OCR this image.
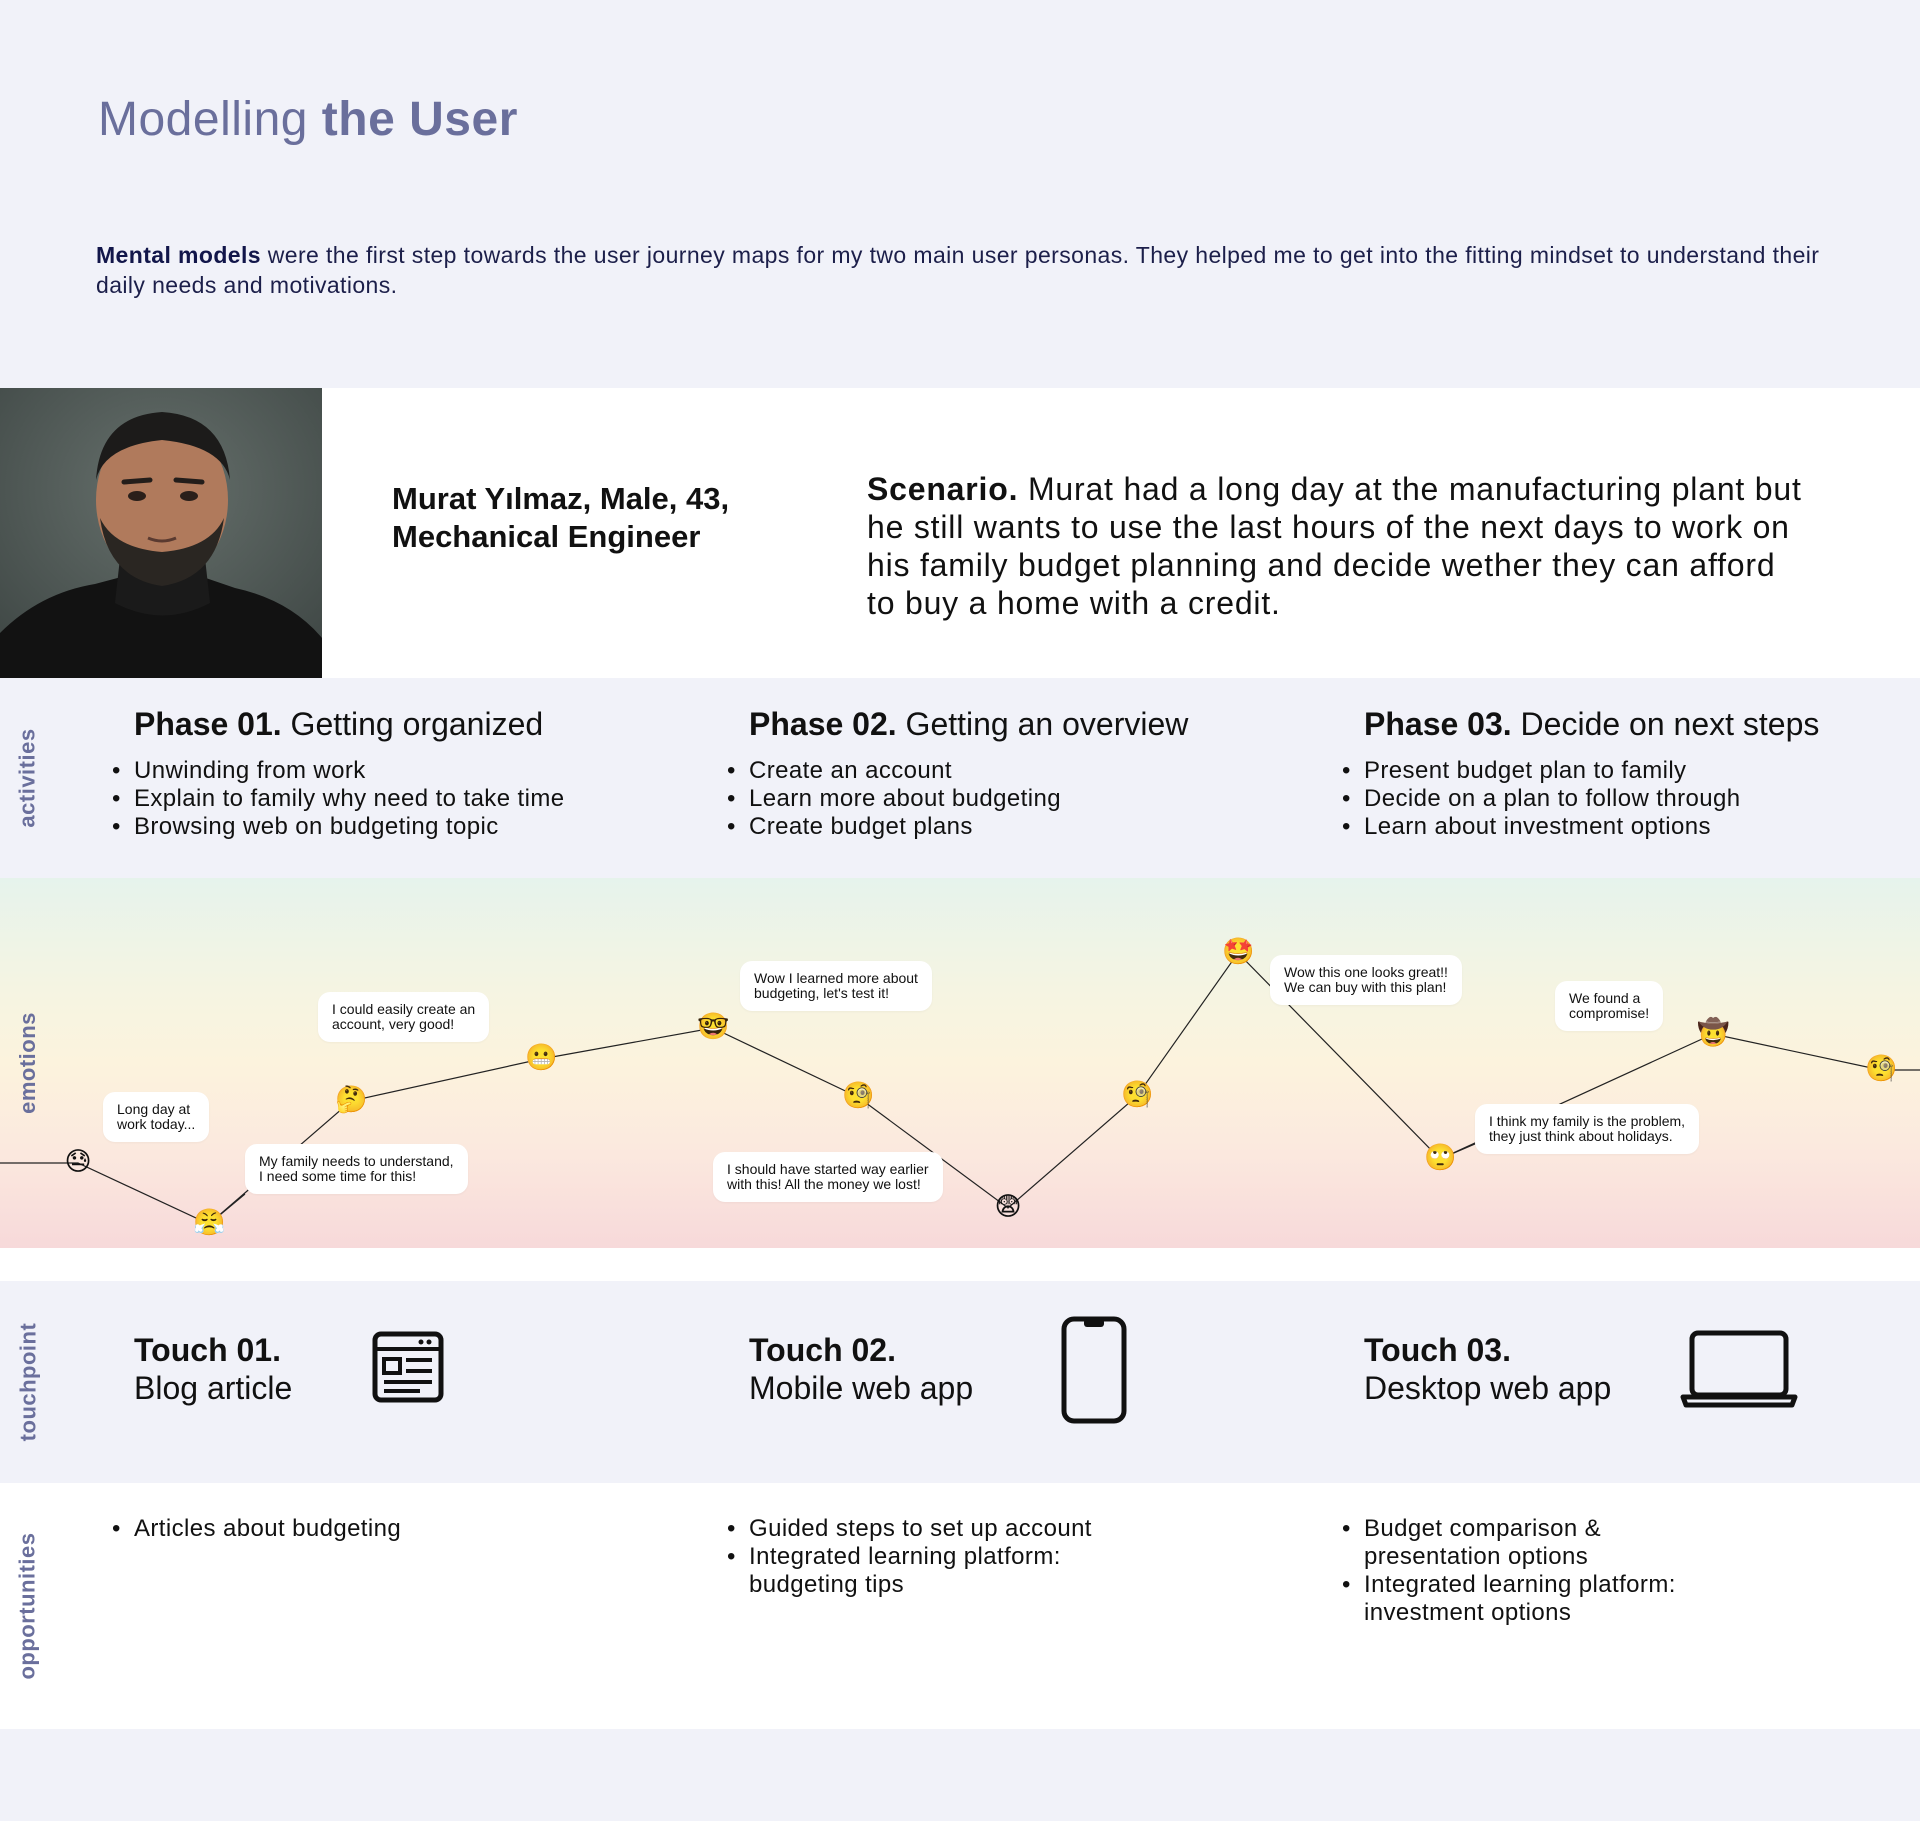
Modelling the User

Mental models were the first step towards the user journey maps for my two main user personas. They helped me to get into the fitting mindset to understand their daily needs and motivations.

Murat Yılmaz, Male, 43,
Mechanical Engineer

Scenario. Murat had a long day at the manufacturing plant but he still wants to use the last hours of the next days to work on his family budget planning and decide wether they can afford to buy a home with a credit.

activities
Phase 01. Getting organized
• Unwinding from work
• Explain to family why need to take time
• Browsing web on budgeting topic
Phase 02. Getting an overview
• Create an account
• Learn more about budgeting
• Create budget plans
Phase 03. Decide on next steps
• Present budget plan to family
• Decide on a plan to follow through
• Learn about investment options
emotions	Long day at
work today...
My family needs to understand,
I need some time for this!
I could easily create an
account, very good!
Wow I learned more about
budgeting, let's test it!
I should have started way earlier
with this! All the money we lost!
Wow this one looks great!!
We can buy with this plan!
I think my family is the problem,
they just think about holidays.
We found a
compromise!
😓
😤
🤔
😬
🤓
🧐
😨
🧐
🤩
🙄
🤠
🧐
touchpoint	Touch 01.
Blog article
Touch 02.
Mobile web app
Touch 03.
Desktop web app
opportunities
• Articles about budgeting
•	Guided steps to set up account
• Integrated learning platform: budgeting tips
• Budget comparison & presentation options
• Integrated learning platform: investment options
